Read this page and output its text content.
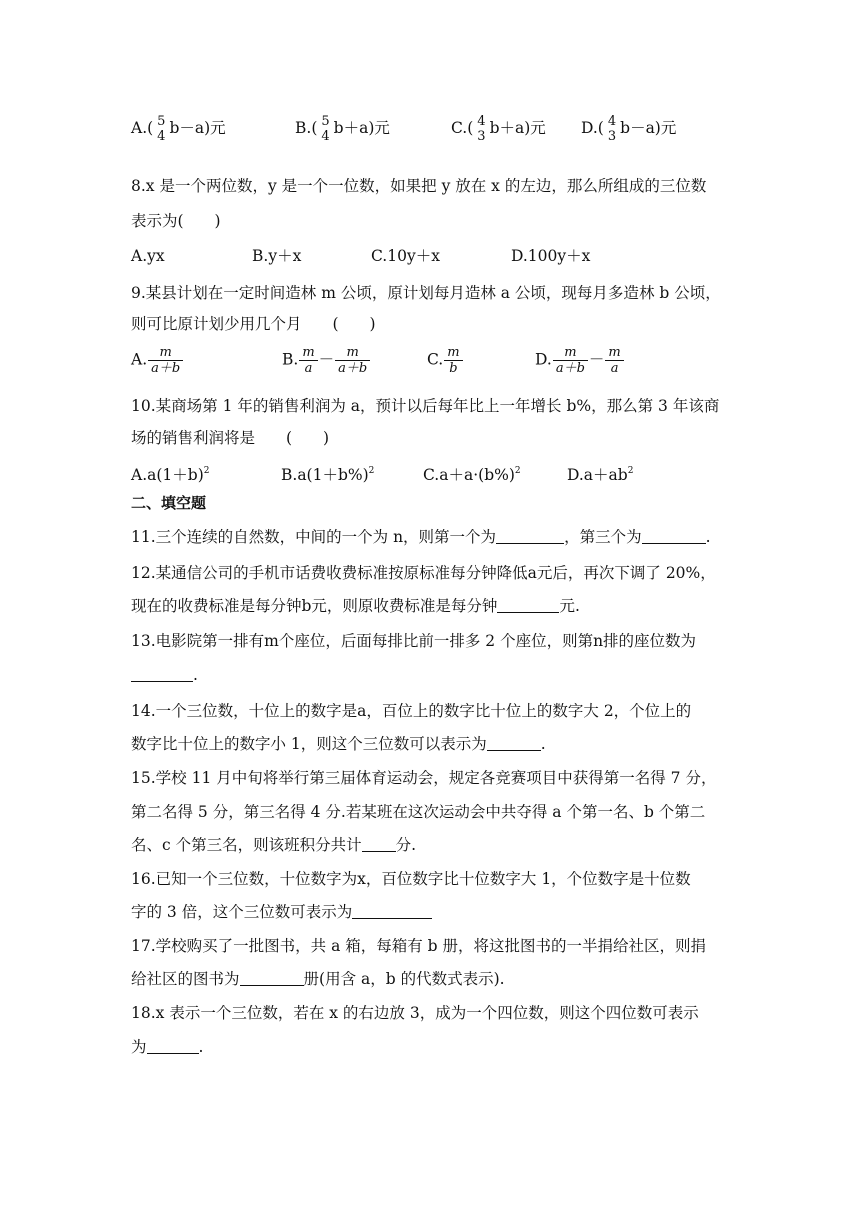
A.( 5
4 b－a)元	B.( 5
4 b＋a)元	C.( 4
3 b＋a)元 D.( 4
3 b－a)元
8.x 是一个两位数，y 是一个一位数，如果把 y 放在 x 的左边，那么所组成的三位数
表示为(　　)
A.yx	B.y＋x	C.10y＋x	D.100y＋x
9.某县计划在一定时间造林 m 公顷，原计划每月造林 a 公顷，现每月多造林 b 公顷，
则可比原计划少用几个月　　(　　)
A. $\frac{m}{a+b}$	B. $\frac{m}{a} - \frac{m}{a+b}$	C. $\frac{m}{b}$	D. $\frac{m}{a+b} - \frac{m}{a}$
10.某商场第 1 年的销售利润为 a，预计以后每年比上一年增长 b%，那么第 3 年该商
场的销售利润将是　　(　　)
$A.a(1+b)^2$	$B.a(1+b\%)^2$	$C.a+a\cdot(b\%)^2$	$D.a+ab^2$
二、填空题
11.三个连续的自然数，中间的一个为 n，则第一个为	，第三个为	.
12.某通信公司的手机市话费收费标准按原标准每分钟降低a元后，再次下调了 20%，
现在的收费标准是每分钟b元，则原收费标准是每分钟	元.
13.电影院第一排有m个座位，后面每排比前一排多 2 个座位，则第n排的座位数为
.
14.一个三位数，十位上的数字是a，百位上的数字比十位上的数字大 2，个位上的
数字比十位上的数字小 1，则这个三位数可以表示为	.
15.学校 11 月中旬将举行第三届体育运动会，规定各竞赛项目中获得第一名得 7 分，
第二名得 5 分，第三名得 4 分.若某班在这次运动会中共夺得 a 个第一名、b 个第二
名、c 个第三名，则该班积分共计 分.
16.已知一个三位数，十位数字为x，百位数字比十位数字大 1，个位数字是十位数
字的 3 倍，这个三位数可表示为
17.学校购买了一批图书，共 a 箱，每箱有 b 册，将这批图书的一半捐给社区，则捐
给社区的图书为	册(用含 a，b 的代数式表示).
18.x 表示一个三位数，若在 x 的右边放 3，成为一个四位数，则这个四位数可表示
为	.
